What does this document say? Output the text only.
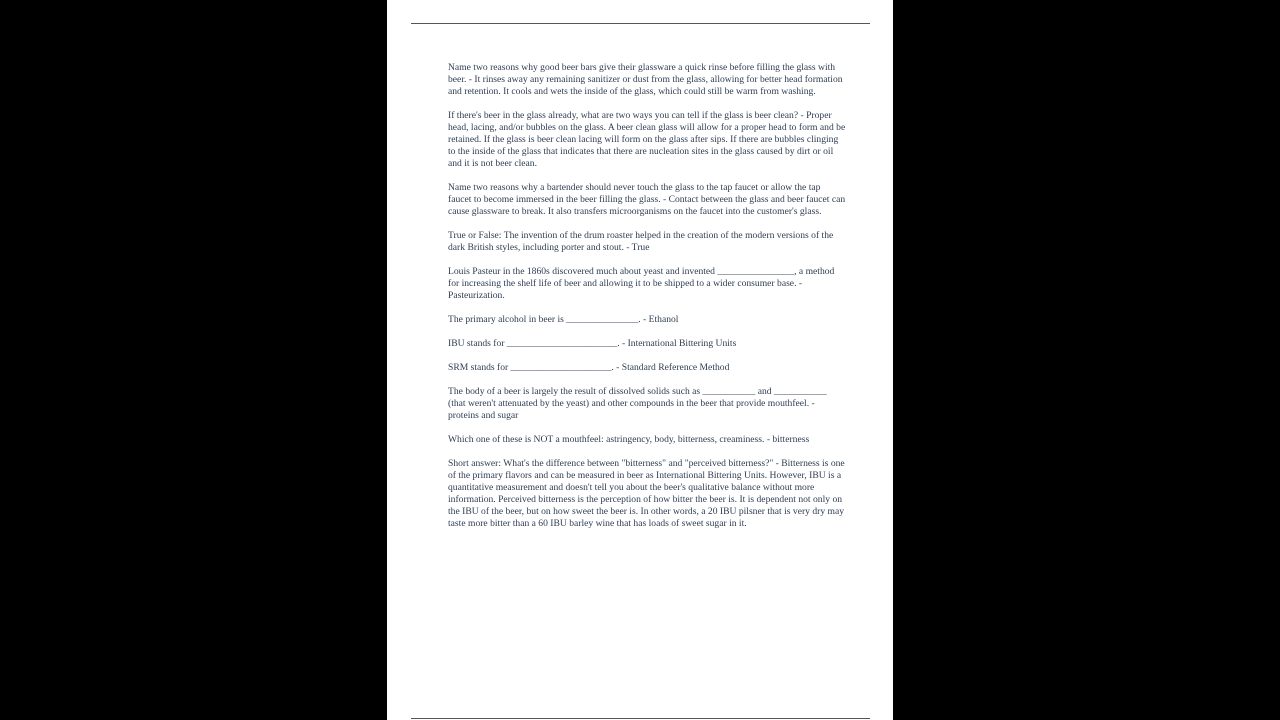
Name two reasons why good beer bars give their glassware a quick rinse before filling the glass with beer. - It rinses away any remaining sanitizer or dust from the glass, allowing for better head formation and retention. It cools and wets the inside of the glass, which could still be warm from washing.

If there's beer in the glass already, what are two ways you can tell if the glass is beer clean? - Proper head, lacing, and/or bubbles on the glass. A beer clean glass will allow for a proper head to form and be retained. If the glass is beer clean lacing will form on the glass after sips. If there are bubbles clinging to the inside of the glass that indicates that there are nucleation sites in the glass caused by dirt or oil and it is not beer clean.

Name two reasons why a bartender should never touch the glass to the tap faucet or allow the tap faucet to become immersed in the beer filling the glass. - Contact between the glass and beer faucet can cause glassware to break. It also transfers microorganisms on the faucet into the customer's glass.

True or False: The invention of the drum roaster helped in the creation of the modern versions of the dark British styles, including porter and stout. - True

Louis Pasteur in the 1860s discovered much about yeast and invented ________________, a method for increasing the shelf life of beer and allowing it to be shipped to a wider consumer base. - Pasteurization.

The primary alcohol in beer is _______________. - Ethanol

IBU stands for _______________________. - International Bittering Units

SRM stands for _____________________. - Standard Reference Method

The body of a beer is largely the result of dissolved solids such as ___________ and ___________ (that weren't attenuated by the yeast) and other compounds in the beer that provide mouthfeel. - proteins and sugar

Which one of these is NOT a mouthfeel: astringency, body, bitterness, creaminess. - bitterness

Short answer: What's the difference between "bitterness" and "perceived bitterness?" - Bitterness is one of the primary flavors and can be measured in beer as International Bittering Units. However, IBU is a quantitative measurement and doesn't tell you about the beer's qualitative balance without more information. Perceived bitterness is the perception of how bitter the beer is. It is dependent not only on the IBU of the beer, but on how sweet the beer is. In other words, a 20 IBU pilsner that is very dry may taste more bitter than a 60 IBU barley wine that has loads of sweet sugar in it.
